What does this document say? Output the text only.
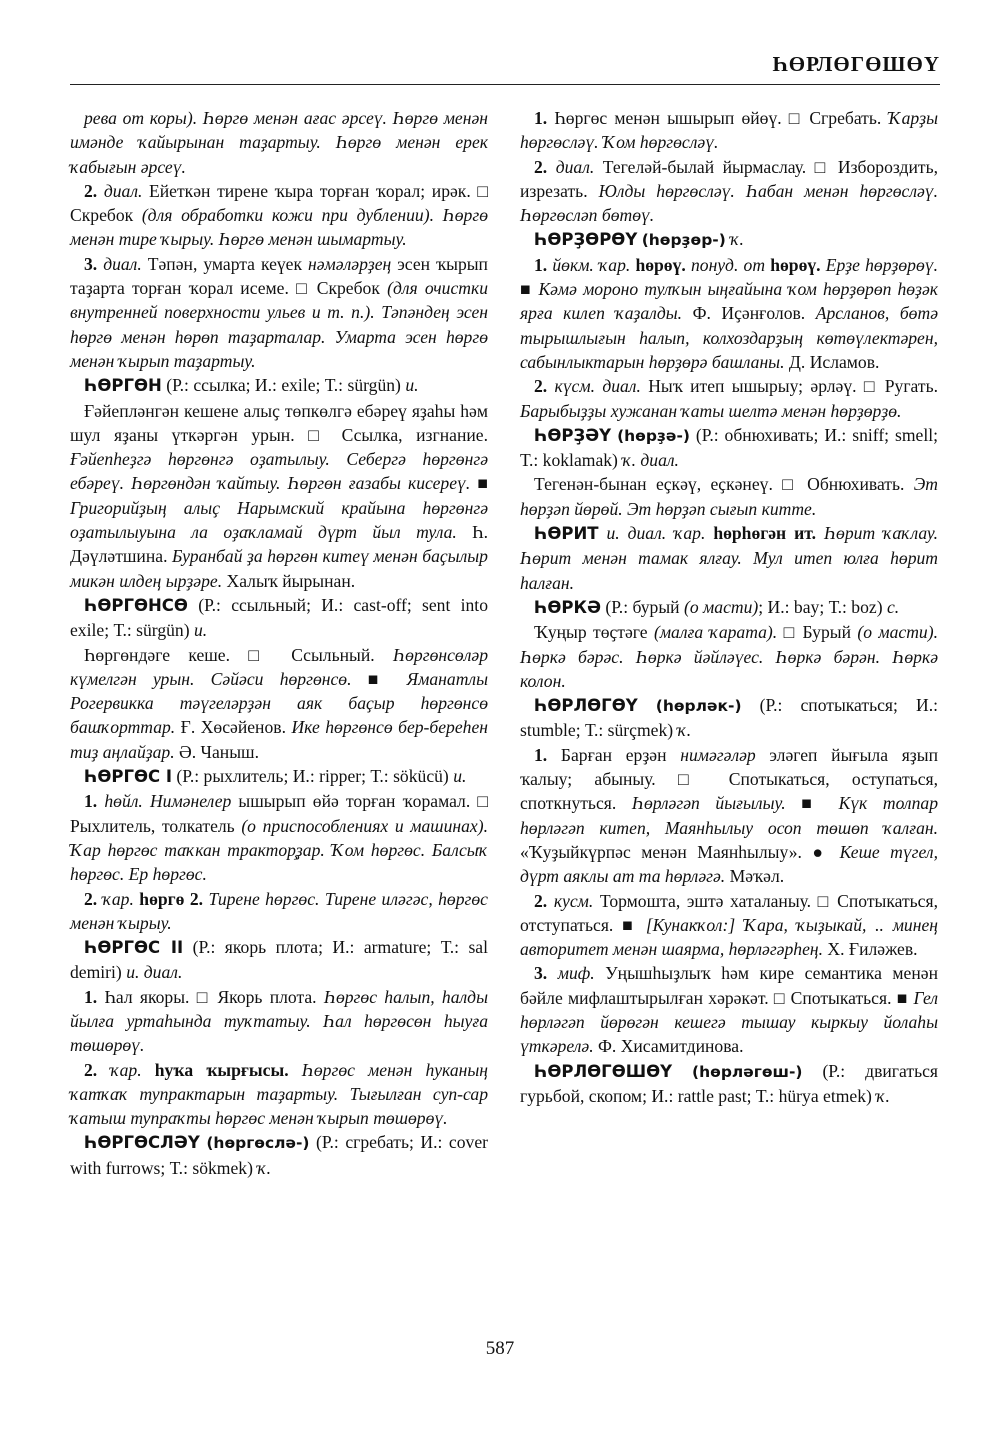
ҺӨРЛӨГӨШӨҮ

рева от коры). Һөргө менән ағас әрсеү. Һөргө менән имәнде ҡайырынан таҙартыу. Һөргө менән ерек ҡабығын әрсеү.

2. диал. Ейеткән тирене ҡыра торған ҡорал; ирәк. □ Скребок (для обработки кожи при дублении). Һөргө менән тире ҡырыу. Һөргө менән шымартыу.

3. диал. Тәпән, умарта кеүек нәмәләрҙең эсен ҡырып таҙарта торған ҡорал исеме. □ Скребок (для очистки внутренней поверхности ульев и т. п.). Тәпәндең эсен һөргө менән һөрөп таҙарталар. Умарта эсен һөргө менән ҡырып таҙартыу.

ҺӨРГӨН (Р.: ссылка; И.: exile; Т.: sürgün) и.

Ғәйепләнгән кешене алыҫ төпкөлгә ебәреү яҙаһы һәм шул яҙаны үткәргән урын. □ Ссылка, изгнание. Ғәйепһеҙгә һөргөнгә оҙатылыу. Себергә һөргөнгә ебәреү. Һөргөндән ҡайтыу. Һөргөн ғазабы кисереү. ■ Григорийҙың алыҫ Нарымский крайына һөргөнгә оҙатылыуына ла оҙаҡламай дүрт йыл тула. Һ. Дәүләтшина. Буранбай ҙа һөргөн китеү менән баҫылыр микән илдең ырҙәре. Халыҡ йырынан.

ҺӨРГӨНСӨ (Р.: ссыльный; И.: cast-off; sent into exile; Т.: sürgün) и.

Һөргөндәге кеше. □ Ссыльный. Һөргөнсөләр күмелгән урын. Сәйәси һөргөнсө. ■ Яманатлы Рогервикка тәүгеләрҙән аяк баҫыр һөргөнсө башҡорттар. Ғ. Хөсәйенов. Ике һөргөнсө бер-береһен тиҙ аңлайҙар. Ә. Чаныш.

ҺӨРГӨС I (Р.: рыхлитель; И.: ripper; Т.: söküсü) и.

1. һөйл. Нимәнелер ышырып өйә торған ҡорамал. □ Рыхлитель, толкатель (о приспособлениях и машинах). Ҡар һөргөс таҡкан трактор̧ҙар. Ҡом һөргөс. Балсыҡ һөргөс. Ер һөргөс.

2. ҡар. һөргө 2. Тирене һөргөс. Тирене иләгәс, һөргөс менән ҡырыу.

ҺӨРГӨС II (Р.: якорь плота; И.: armature; Т.: sal demiri) и. диал.

1. Һал якоры. □ Якорь плота. Һөргөс һалып, һалды йылға уртаһында туҡтатыу. Һал һөргөсөн һыуға төшөрөү.

2. ҡар. һуҡа ҡырғысы. Һөргөс менән һуканың ҡатҡаҡ тупрактарын таҙартыу. Тығылған суп-сар ҡатыш тупраҡты һөргөс менән ҡырып төшөрөү.

ҺӨРГӨСЛӘҮ (һөргөслә-) (Р.: сгребать; И.: cover with furrows; Т.: sökmek) ҡ.

1. Һөргөс менән ышырып өйөү. □ Сгребать. Ҡарҙы һөргөсләү. Ҡом һөргөсләү.

2. диал. Тегеләй-былай йырмаслау. □ Избороздить, изрезать. Юлды һөргөсләү. Һабан менән һөргөсләү. Һөргөсләп бөтөү.

ҺӨРҘӨРӨҮ (һөрҙөр-) ҡ.

1. йөкм. ҡар. һөрөү. понуд. от һөрөү. Ерҙе һөрҙөрөү. ■ Кәмә мороно тулҡын ыңғайына ҡом һөрҙөрөп һөҙәк ярға килеп ҡаҙалды. Ф. Иҫәнғолов. Арсланов, бөтә тырышлығын һалып, колхоздарҙың көтөүлектәрен, сабынлыктарын һөрҙөрә башланы. Д. Исламов.

2. күсм. диал. Ныҡ итеп ышырыу; әрләү. □ Ругать. Барыбыҙҙы хужанан ҡаты шелтә менән һөрҙөрҙө.

ҺӨРҘӘҮ (һөрҙә-) (Р.: обнюхивать; И.: sniff; smell; Т.: koklamak) ҡ. диал.

Тегенән-бынан еҫкәү, еҫкәнеү. □ Обнюхивать. Эт һөрҙәп йөрөй. Эт һөрҙәп сығып китте.

ҺӨРИТ и. диал. ҡар. һөрһөгән ит. Һөрит ҡаҡлау. Һөрит менән тамак ялғау. Мул итеп юлға һөрит һалған.

ҺӨРКӘ (Р.: бурый (о масти); И.: bay; Т.: boz) с.

Ҡуңыр төҫтәге (малға ҡарата). □ Бурый (о масти). Һөркә бәрәс. Һөркә йәйләүес. Һөркә бәрән. Һөркә колон.

ҺӨРЛӨГӨҮ (һөрләк-) (Р.: спотыкаться; И.: stumble; Т.: sürçmek) ҡ.

1. Барған ерҙән нимәгәләр эләгеп йығыла яҙып ҡалыу; абыныу. □ Спотыкаться, оступаться, споткнуться. Һөрләгәп йығылыу. ■ Күк толпар һөрләгәп китеп, Маянһылыу осоп төшөп ҡалған. «Ҡуҙыйкүрпәс менән Маянһылыу». ● Кеше түгел, дүрт аяклы ат та һөрләгә. Мәҡәл.

2. кусм. Тормошта, эштә хаталаныу. □ Спотыкаться, отступаться. ■ [Кунакҡол:] Ҡара, ҡыҙыкай, .. минең авторитет менән шаярма, һөрләгәрһең. Х. Ғиләжев.

3. миф. Уңышһыҙлыҡ һәм кире семантика менән бәйле мифлаштырылған хәрәкәт. □ Спотыкаться. ■ Гел һөрләгәп йөрөгән кешегә тышау кыркыу йолаһы үткәрелә. Ф. Хисамитдинова.

ҺӨРЛӨГӨШӨҮ (һөрләгөш-) (Р.: двигаться гурьбой, скопом; И.: rattle past; Т.: hürya etmek) ҡ.

587
